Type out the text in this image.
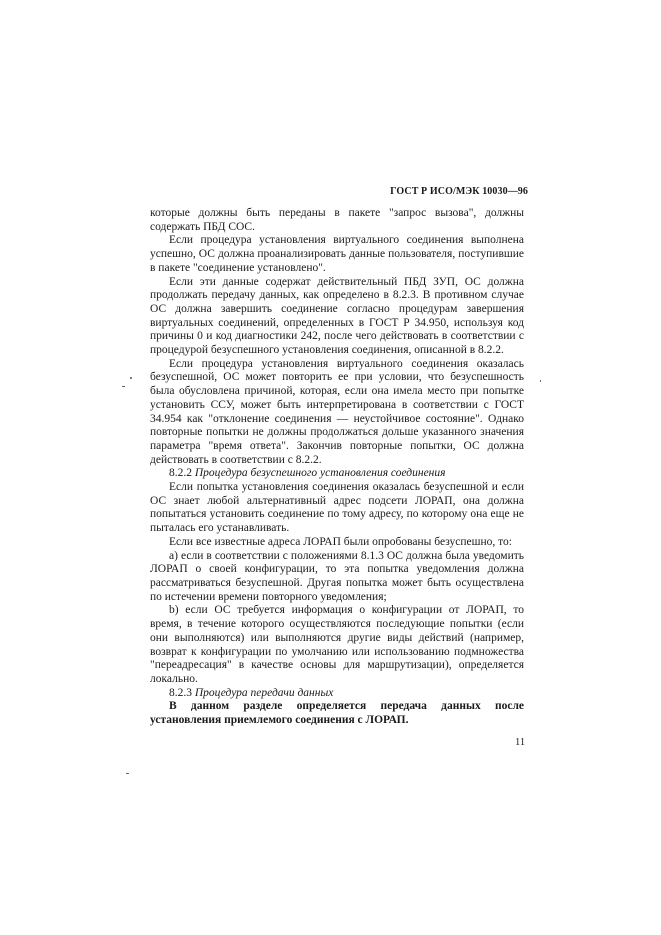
ГОСТ Р ИСО/МЭК 10030—96

которые должны быть переданы в пакете "запрос вызова", должны содержать ПБД СОС.

Если процедура установления виртуального соединения выполнена успешно, ОС должна проанализировать данные пользователя, поступившие в пакете "соединение установлено".

Если эти данные содержат действительный ПБД ЗУП, ОС должна продолжать передачу данных, как определено в 8.2.3. В противном случае ОС должна завершить соединение согласно процедурам завершения виртуальных соединений, определенных в ГОСТ Р 34.950, используя код причины 0 и код диагностики 242, после чего действовать в соответствии с процедурой безуспешного установления соединения, описанной в 8.2.2.

Если процедура установления виртуального соединения оказалась безуспешной, ОС может повторить ее при условии, что безуспешность была обусловлена причиной, которая, если она имела место при попытке установить ССУ, может быть интерпретирована в соответствии с ГОСТ 34.954 как "отклонение соединения — неустойчивое состояние". Однако повторные попытки не должны продолжаться дольше указанного значения параметра "время ответа". Закончив повторные попытки, ОС должна действовать в соответствии с 8.2.2.

8.2.2 Процедура безуспешного установления соединения

Если попытка установления соединения оказалась безуспешной и если ОС знает любой альтернативный адрес подсети ЛОРАП, она должна попытаться установить соединение по тому адресу, по которому она еще не пыталась его устанавливать.

Если все известные адреса ЛОРАП были опробованы безуспешно, то:

а) если в соответствии с положениями 8.1.3 ОС должна была уведомить ЛОРАП о своей конфигурации, то эта попытка уведомления должна рассматриваться безуспешной. Другая попытка может быть осуществлена по истечении времени повторного уведомления;

b) если ОС требуется информация о конфигурации от ЛОРАП, то время, в течение которого осуществляются последующие попытки (если они выполняются) или выполняются другие виды действий (например, возврат к конфигурации по умолчанию или использованию подмножества "переадресация" в качестве основы для маршрутизации), определяется локально.

8.2.3 Процедура передачи данных

В данном разделе определяется передача данных после установления приемлемого соединения с ЛОРАП.

11
